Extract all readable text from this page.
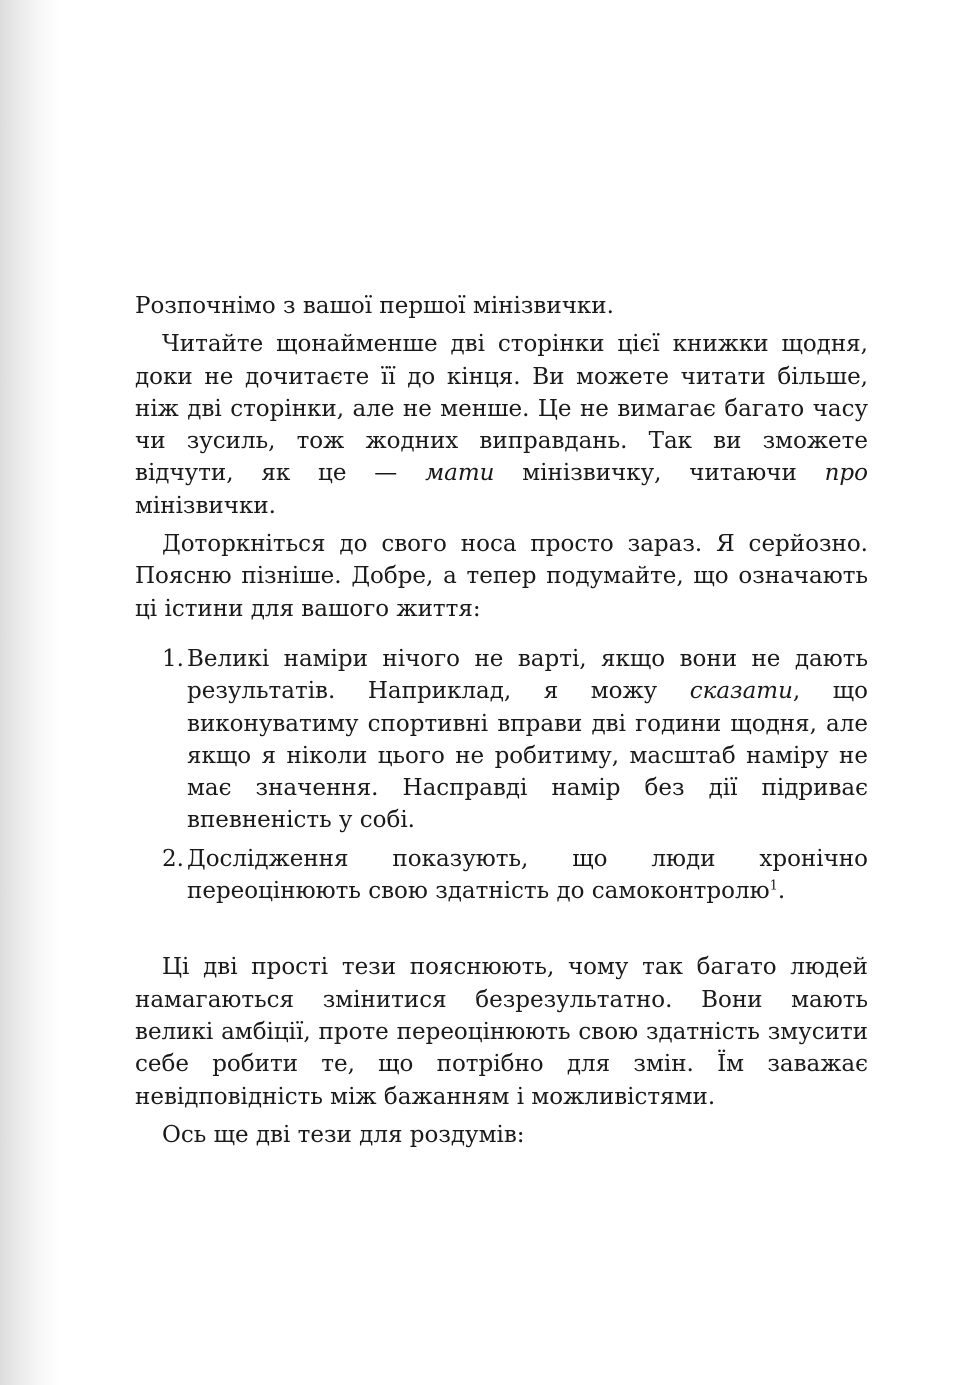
Розпочнімо з вашої першої мінізвички.

Читайте щонайменше дві сторінки цієї книжки щодня, доки не дочитаєте її до кінця. Ви можете читати більше, ніж дві сторінки, але не менше. Це не вимагає багато часу чи зусиль, тож жодних виправдань. Так ви зможете відчути, як це — мати мінізвичку, читаючи про мінізвички.

Доторкніться до свого носа просто зараз. Я серйозно. Поясню пізніше. Добре, а тепер подумайте, що означають ці істини для вашого життя:

1. Великі наміри нічого не варті, якщо вони не дають результатів. Наприклад, я можу сказати, що виконуватиму спортивні вправи дві години щодня, але якщо я ніколи цього не робитиму, масштаб наміру не має значення. Насправді намір без дії підриває впевненість у собі.
2. Дослідження показують, що люди хронічно переоцінюють свою здатність до самоконтролю$^1$.

Ці дві прості тези пояснюють, чому так багато людей намагаються змінитися безрезультатно. Вони мають великі амбіції, проте переоцінюють свою здатність змусити себе робити те, що потрібно для змін. Їм заважає невідповідність між бажанням і можливістями.

Ось ще дві тези для роздумів:
